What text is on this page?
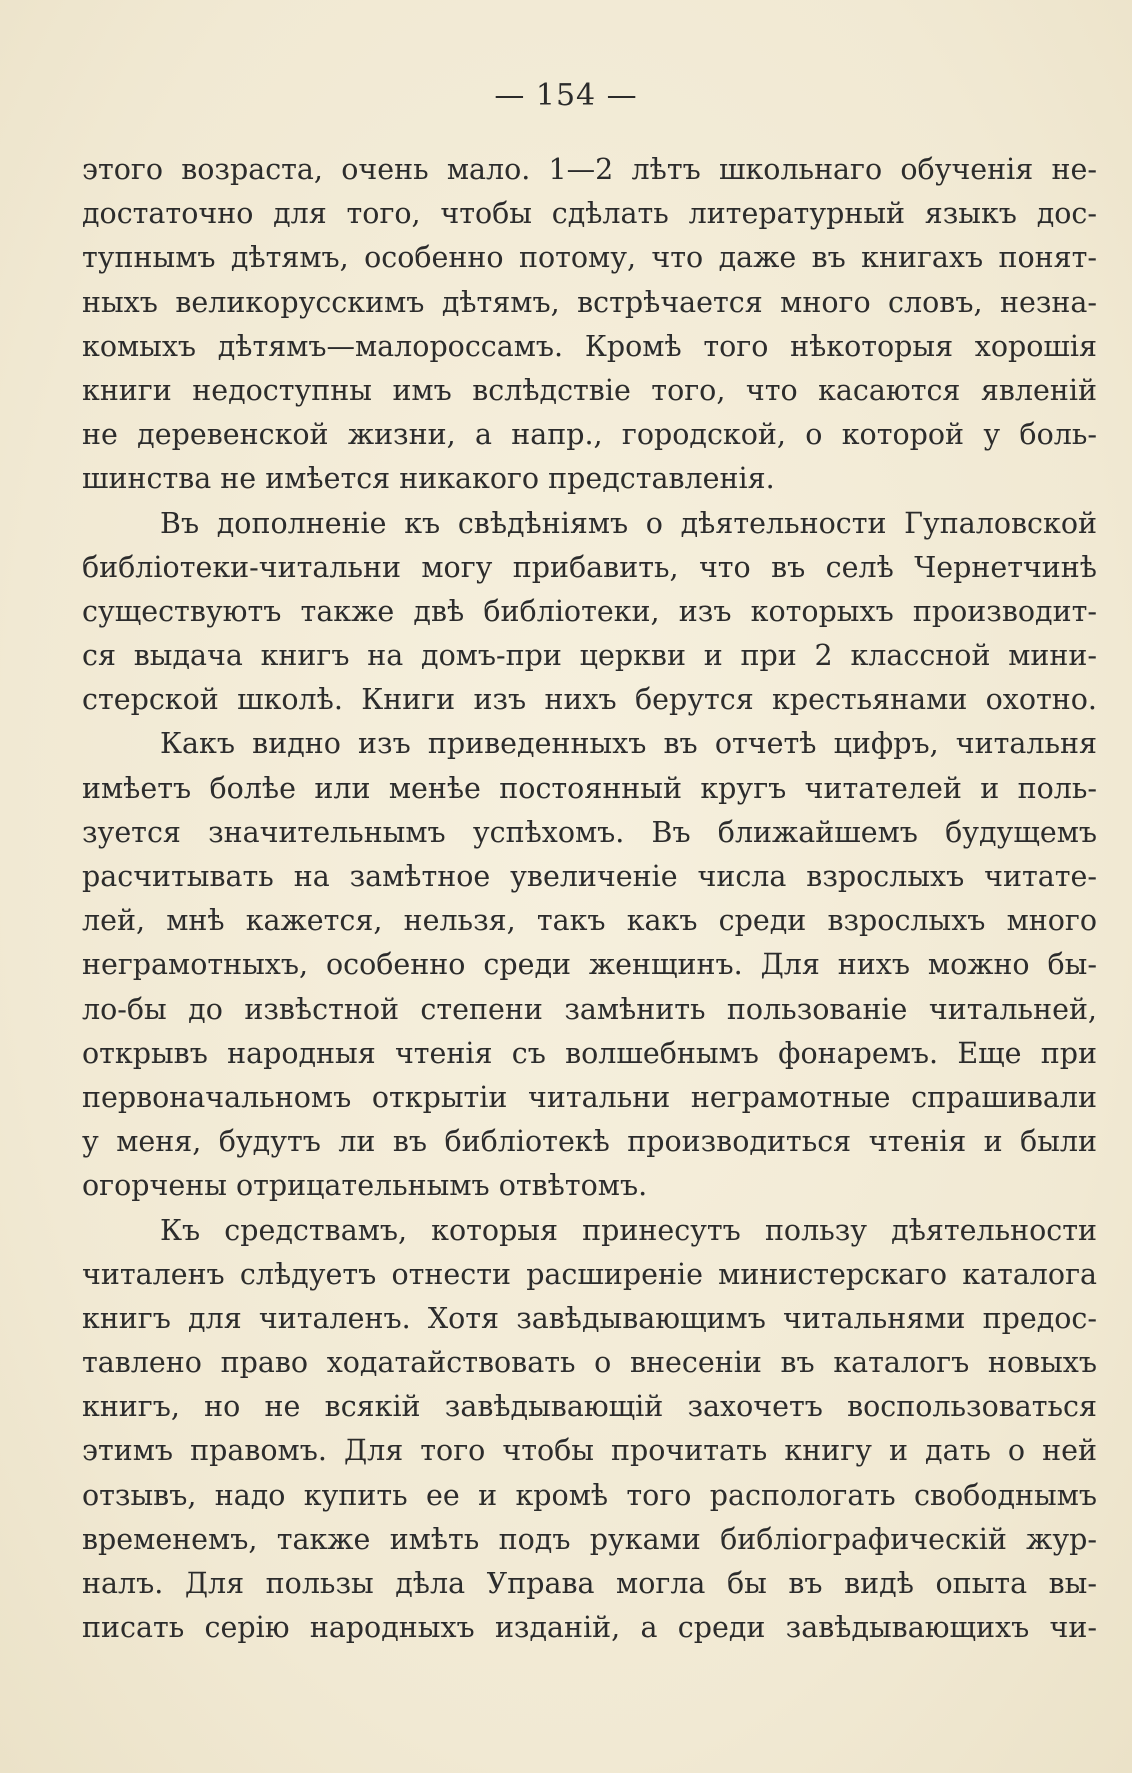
— 154 —
этого возраста, очень мало. 1—2 лѣтъ школьнаго обученія не-
достаточно для того, чтобы сдѣлать литературный языкъ дос-
тупнымъ дѣтямъ, особенно потому, что даже въ книгахъ понят-
ныхъ великорусскимъ дѣтямъ, встрѣчается много словъ, незна-
комыхъ дѣтямъ—малороссамъ. Кромѣ того нѣкоторыя хорошія
книги недоступны имъ вслѣдствіе того, что касаются явленій
не деревенской жизни, а напр., городской, о которой у боль-
шинства не имѣется никакого представленія.
Въ дополненіе къ свѣдѣніямъ о дѣятельности Гупаловской
библіотеки-читальни могу прибавить, что въ селѣ Чернетчинѣ
существуютъ также двѣ библіотеки, изъ которыхъ производит-
ся выдача книгъ на домъ-при церкви и при 2 классной мини-
стерской школѣ. Книги изъ нихъ берутся крестьянами охотно.
Какъ видно изъ приведенныхъ въ отчетѣ цифръ, читальня
имѣетъ болѣе или менѣе постоянный кругъ читателей и поль-
зуется значительнымъ успѣхомъ. Въ ближайшемъ будущемъ
расчитывать на замѣтное увеличеніе числа взрослыхъ читате-
лей, мнѣ кажется, нельзя, такъ какъ среди взрослыхъ много
неграмотныхъ, особенно среди женщинъ. Для нихъ можно бы-
ло-бы до извѣстной степени замѣнить пользованіе читальней,
открывъ народныя чтенія съ волшебнымъ фонаремъ. Еще при
первоначальномъ открытіи читальни неграмотные спрашивали
у меня, будутъ ли въ библіотекѣ производиться чтенія и были
огорчены отрицательнымъ отвѣтомъ.
Къ средствамъ, которыя принесутъ пользу дѣятельности
читаленъ слѣдуетъ отнести расширеніе министерскаго каталога
книгъ для читаленъ. Хотя завѣдывающимъ читальнями предос-
тавлено право ходатайствовать о внесеніи въ каталогъ новыхъ
книгъ, но не всякій завѣдывающій захочетъ воспользоваться
этимъ правомъ. Для того чтобы прочитать книгу и дать о ней
отзывъ, надо купить ее и кромѣ того распологать свободнымъ
временемъ, также имѣть подъ руками библіографическій жур-
налъ. Для пользы дѣла Управа могла бы въ видѣ опыта вы-
писать серію народныхъ изданій, а среди завѣдывающихъ чи-
